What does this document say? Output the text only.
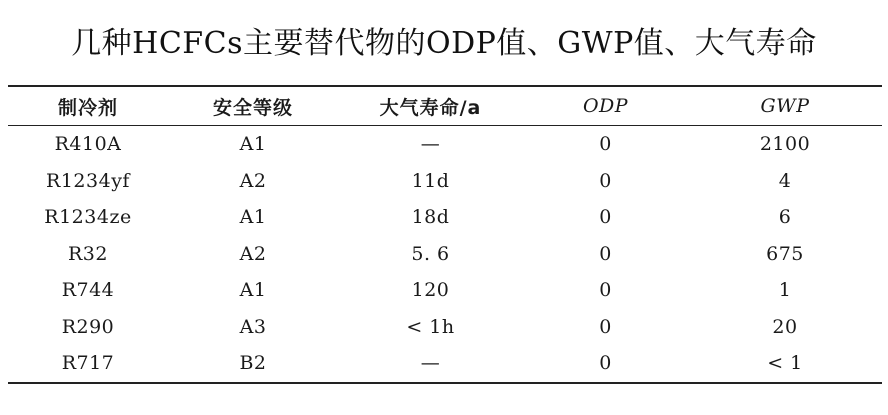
几种HCFCs主要替代物的ODP值、GWP值、大气寿命
制冷剂	安全等级	大气寿命/a	ODP	GWP
R410A	A1	—	0	2100
R1234yf	A2	11d	0	4
R1234ze	A1	18d	0	6
R32	A2	5. 6	0	675
R744	A1	120	0	1
R290	A3	< 1h	0	20
R717	B2	—	0	< 1
